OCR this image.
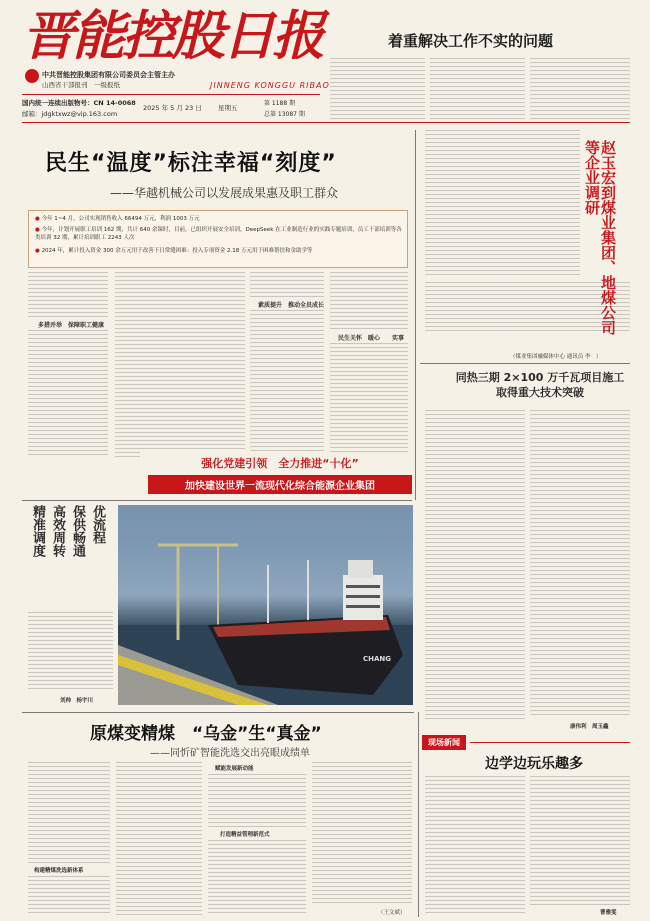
晋能控股日报
JINNENG KONGGU RIBAO
中共晋能控股集团有限公司委员会主管主办
山西省干部报刊　一级报纸
国内统一连续出版物号：CN 14-0068
邮箱：jdgktxwz@vip.163.com
2025 年 5 月 23 日 星期五
第 1188 期
总第 13087 期
着重解决工作不实的问题
民生“温度”标注幸福“刻度”
——华越机械公司以发展成果惠及职工群众
● 今年 1~4 月，公司实现销售收入 66494 万元，利润 1003 万元
● 今年，计划开展职工培训 162 期，共计 640 余课时，目前，已组织开展安全培训，DeepSeek 在工业制造行业的实践专题培训，员工干部培训等各类培训 32 期，累计培训职工 2243 人次
● 2024 年，累计投入资金 300 余万元用于改善下日常缝困难：投入专项资金 2.18 万元用于困难帮扶和金助学等
多措并举　保障职工健康
素质提升　推动全员成长
民生关怀　暖心　　实事
强化党建引领　全力推进“十化”
加快建设世界一流现代化综合能源企业集团
赵玉宏到煤业集团、地煤公司等企业调研
（煤业集团融媒体中心 通讯员 李　）
同热三期 2×100 万千瓦项目施工取得重大技术突破
康伟利　周玉鑫
精准调度 高效周转 保供畅通 优流程
刘帅　杨宇川
CHANG
原煤变精煤　“乌金”生“真金”
——同忻矿智能洗选交出亮眼成绩单
构建精煤洗选新体系
赋能发展新动能
打造精益管理新范式
（王文斌）
现场新闻
边学边玩乐趣多
曹雅雯
